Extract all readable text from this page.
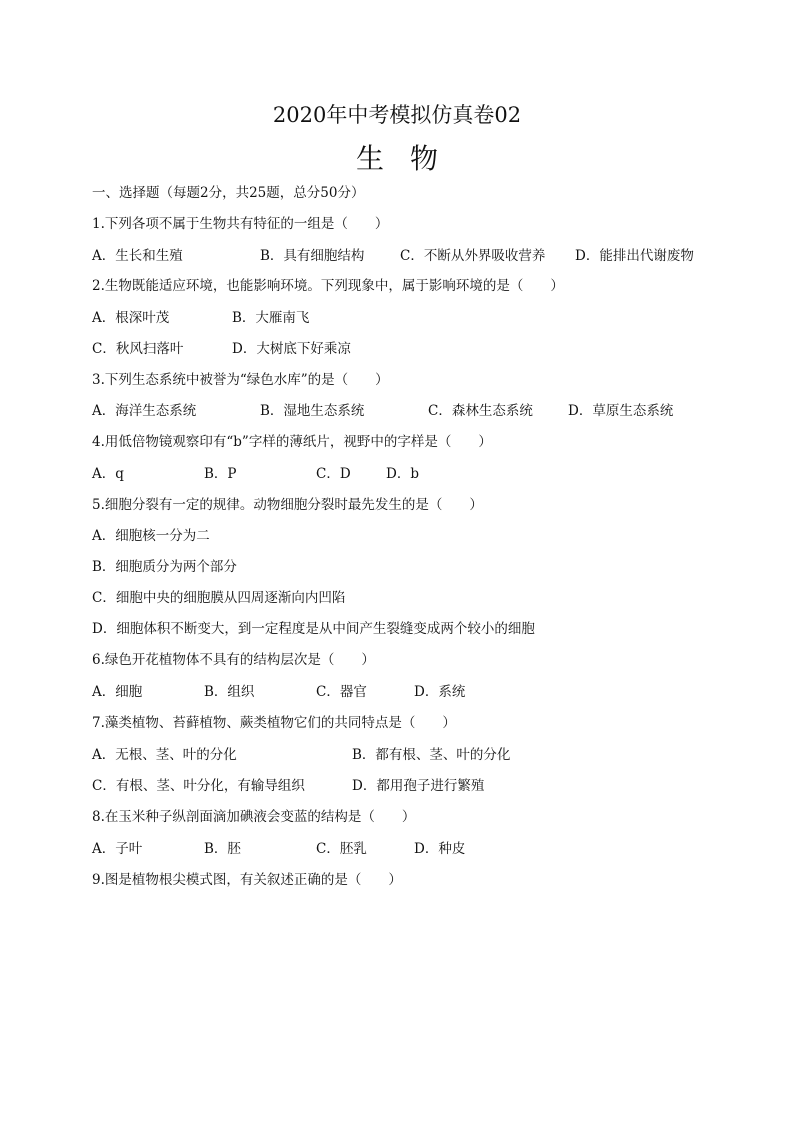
2020年中考模拟仿真卷02
生物
一、选择题（每题2分，共25题，总分50分）
1.下列各项不属于生物共有特征的一组是（　　）
A．生长和生殖	B．具有细胞结构	C．不断从外界吸收营养 D．能排出代谢废物
2.生物既能适应环境，也能影响环境。下列现象中，属于影响环境的是（　　）
A．根深叶茂	B．大雁南飞
C．秋风扫落叶	D．大树底下好乘凉
3.下列生态系统中被誉为“绿色水库”的是（　　）
A．海洋生态系统	B．湿地生态系统	C．森林生态系统	D．草原生态系统
4.用低倍物镜观察印有“b”字样的薄纸片，视野中的字样是（　　）
A．q	B．P	C．D	D．b
5.细胞分裂有一定的规律。动物细胞分裂时最先发生的是（　　）
A．细胞核一分为二
B．细胞质分为两个部分
C．细胞中央的细胞膜从四周逐渐向内凹陷
D．细胞体积不断变大，到一定程度是从中间产生裂缝变成两个较小的细胞
6.绿色开花植物体不具有的结构层次是（　　）
A．细胞	B．组织	C．器官	D．系统
7.藻类植物、苔藓植物、蕨类植物它们的共同特点是（　　）
A．无根、茎、叶的分化	B．都有根、茎、叶的分化
C．有根、茎、叶分化，有输导组织	D．都用孢子进行繁殖
8.在玉米种子纵剖面滴加碘液会变蓝的结构是（　　）
A．子叶	B．胚	C．胚乳	D．种皮
9.图是植物根尖模式图，有关叙述正确的是（　　）
